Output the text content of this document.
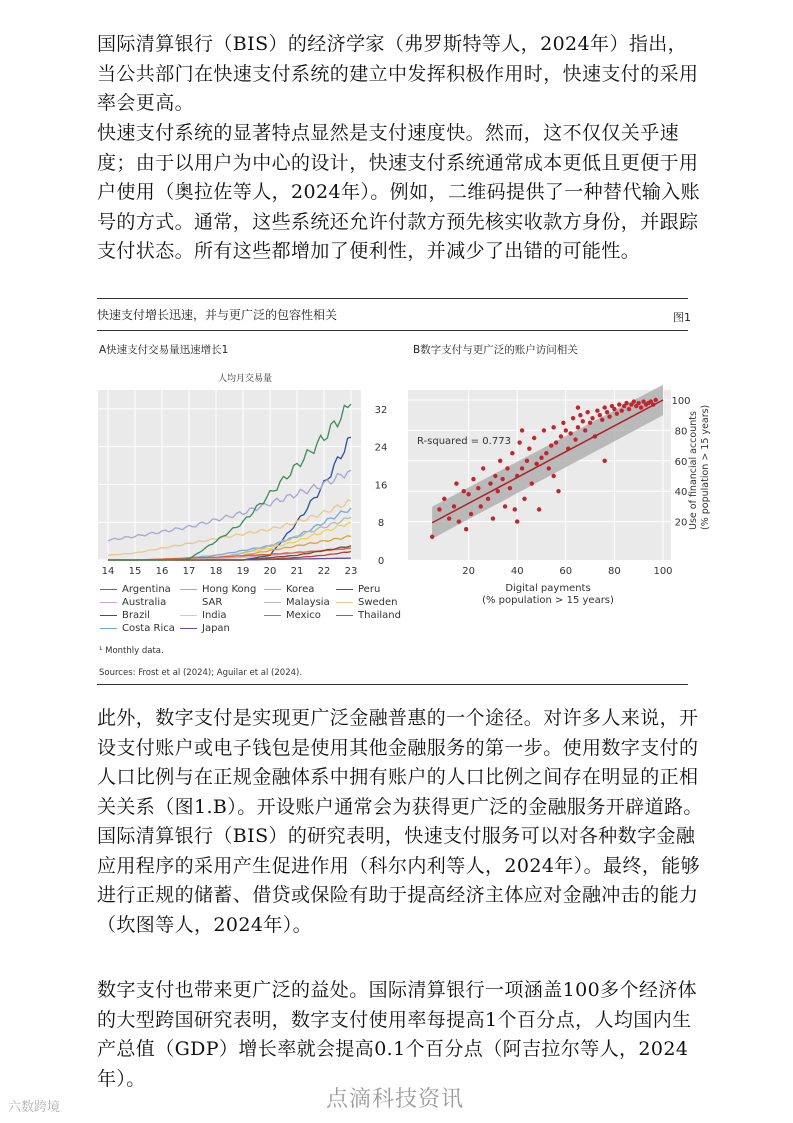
国际清算银行（BIS）的经济学家（弗罗斯特等人，2024年）指出，当公共部门在快速支付系统的建立中发挥积极作用时，快速支付的采用率会更高。

快速支付系统的显著特点显然是支付速度快。然而，这不仅仅关乎速度；由于以用户为中心的设计，快速支付系统通常成本更低且更便于用户使用（奥拉佐等人，2024年）。例如，二维码提供了一种替代输入账号的方式。通常，这些系统还允许付款方预先核实收款方身份，并跟踪支付状态。所有这些都增加了便利性，并减少了出错的可能性。

快速支付增长迅速，并与更广泛的包容性相关	图1
A快速支付交易量迅速增长1	B数字支付与更广泛的账户访问相关
人均月交易量
32
24
16
8
0
14 15 16 17 18 19 20 21 22 23
R-squared = 0.773
20
40
60
80
100
20	40	60	80	100
Digital payments
(% population > 15 years)
Use of financial accounts (% population > 15 years)
Argentina
Australia
Brazil
Costa Rica
Hong Kong
SAR
India
Japan
Korea
Malaysia
Mexico
Peru
Sweden
Thailand
¹ Monthly data.
Sources: Frost et al (2024); Aguilar et al (2024).

此外，数字支付是实现更广泛金融普惠的一个途径。对许多人来说，开设支付账户或电子钱包是使用其他金融服务的第一步。使用数字支付的人口比例与在正规金融体系中拥有账户的人口比例之间存在明显的正相关关系（图1.B）。开设账户通常会为获得更广泛的金融服务开辟道路。国际清算银行（BIS）的研究表明，快速支付服务可以对各种数字金融应用程序的采用产生促进作用（科尔内利等人，2024年）。最终，能够进行正规的储蓄、借贷或保险有助于提高经济主体应对金融冲击的能力（坎图等人，2024年）。

数字支付也带来更广泛的益处。国际清算银行一项涵盖100多个经济体的大型跨国研究表明，数字支付使用率每提高1个百分点，人均国内生产总值（GDP）增长率就会提高0.1个百分点（阿吉拉尔等人，2024年）。

六数跨境	点滴科技资讯
